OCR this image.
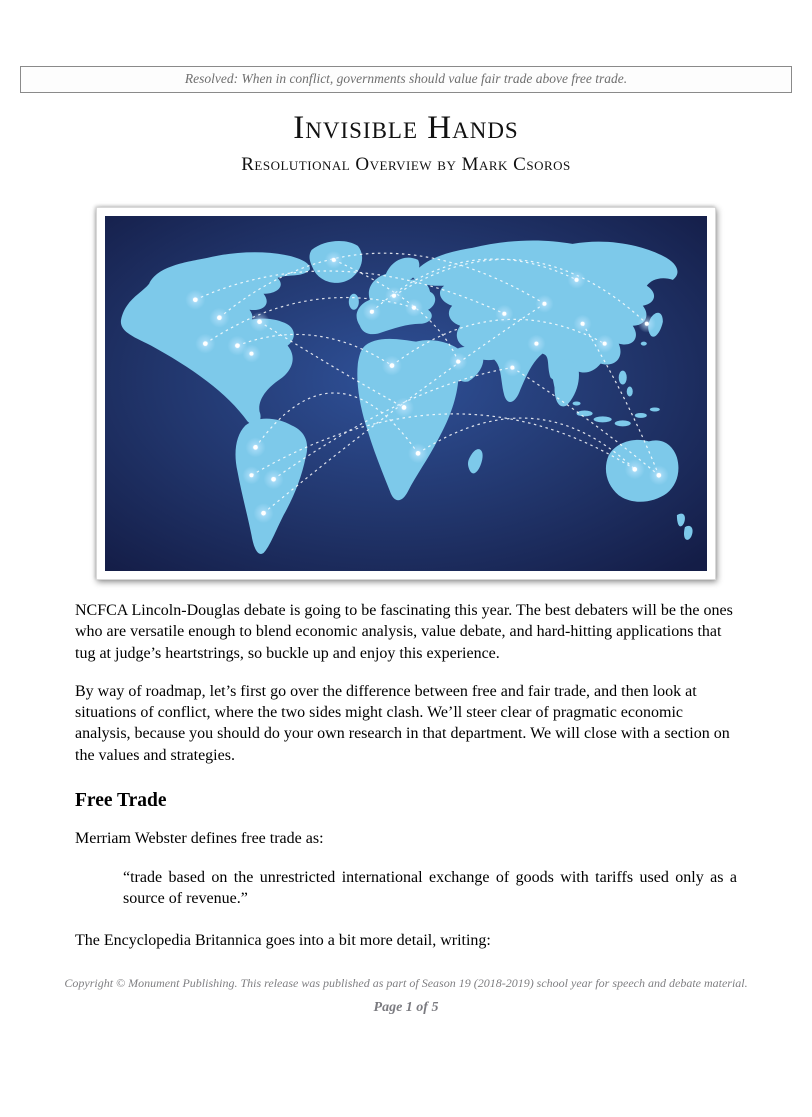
Resolved: When in conflict, governments should value fair trade above free trade.
Invisible Hands
Resolutional Overview by Mark Csoros

NCFCA Lincoln-Douglas debate is going to be fascinating this year. The best debaters will be the ones who are versatile enough to blend economic analysis, value debate, and hard-hitting applications that tug at judge’s heartstrings, so buckle up and enjoy this experience.

By way of roadmap, let’s first go over the difference between free and fair trade, and then look at situations of conflict, where the two sides might clash. We’ll steer clear of pragmatic economic analysis, because you should do your own research in that department. We will close with a section on the values and strategies.

Free Trade

Merriam Webster defines free trade as:

“trade based on the unrestricted international exchange of goods with tariffs used only as a source of revenue.”

The Encyclopedia Britannica goes into a bit more detail, writing:

Copyright © Monument Publishing. This release was published as part of Season 19 (2018-2019) school year for speech and debate material.
Page 1 of 5
